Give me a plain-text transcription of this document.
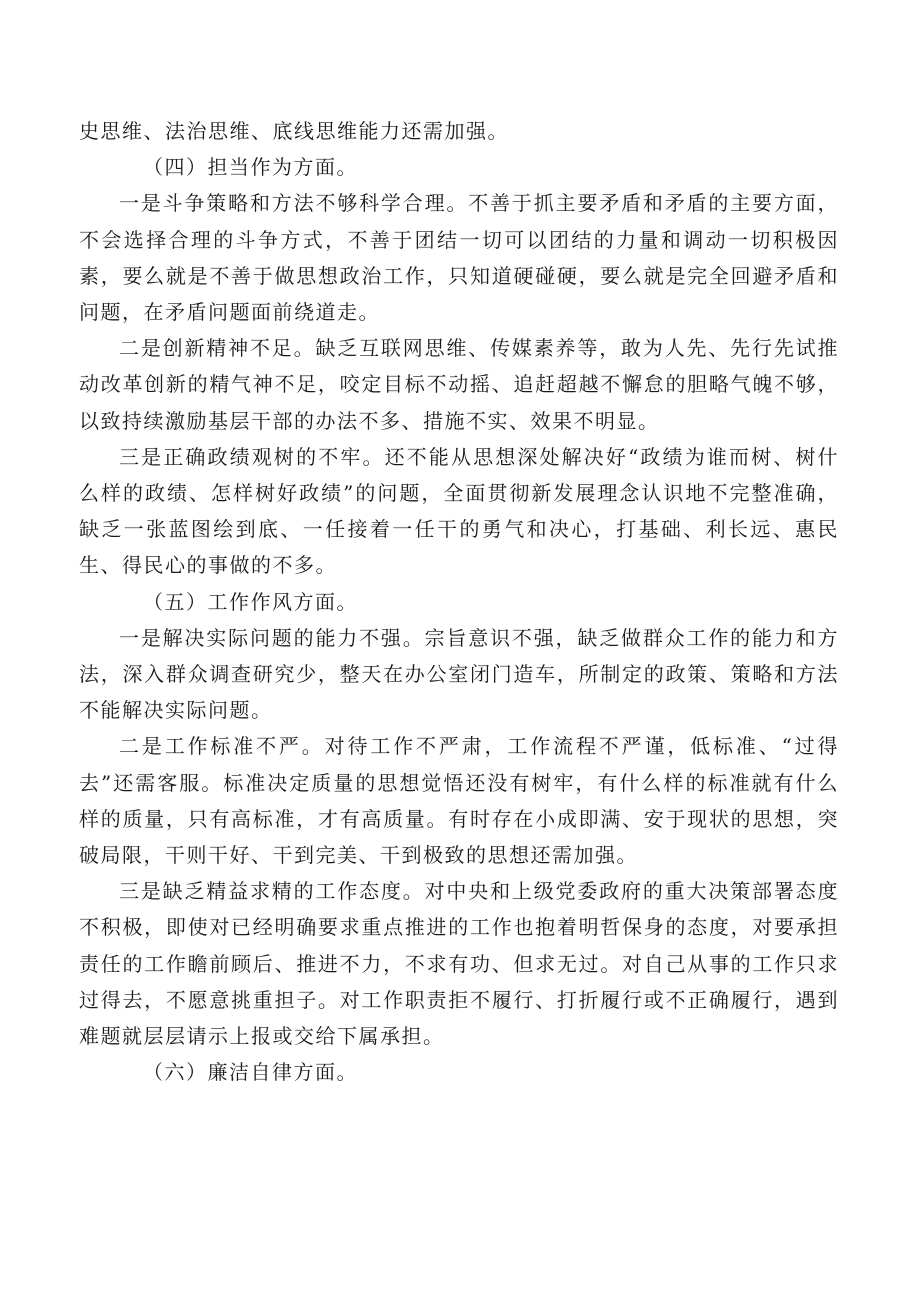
史思维、法治思维、底线思维能力还需加强。

（四）担当作为方面。

一是斗争策略和方法不够科学合理。不善于抓主要矛盾和矛盾的主要方面，不会选择合理的斗争方式，不善于团结一切可以团结的力量和调动一切积极因素，要么就是不善于做思想政治工作，只知道硬碰硬，要么就是完全回避矛盾和问题，在矛盾问题面前绕道走。

二是创新精神不足。缺乏互联网思维、传媒素养等，敢为人先、先行先试推动改革创新的精气神不足，咬定目标不动摇、追赶超越不懈怠的胆略气魄不够，以致持续激励基层干部的办法不多、措施不实、效果不明显。

三是正确政绩观树的不牢。还不能从思想深处解决好“政绩为谁而树、树什么样的政绩、怎样树好政绩”的问题，全面贯彻新发展理念认识地不完整准确，缺乏一张蓝图绘到底、一任接着一任干的勇气和决心，打基础、利长远、惠民生、得民心的事做的不多。

（五）工作作风方面。

一是解决实际问题的能力不强。宗旨意识不强，缺乏做群众工作的能力和方法，深入群众调查研究少，整天在办公室闭门造车，所制定的政策、策略和方法不能解决实际问题。

二是工作标准不严。对待工作不严肃，工作流程不严谨，低标准、“过得去”还需客服。标准决定质量的思想觉悟还没有树牢，有什么样的标准就有什么样的质量，只有高标准，才有高质量。有时存在小成即满、安于现状的思想，突破局限，干则干好、干到完美、干到极致的思想还需加强。

三是缺乏精益求精的工作态度。对中央和上级党委政府的重大决策部署态度不积极，即使对已经明确要求重点推进的工作也抱着明哲保身的态度，对要承担责任的工作瞻前顾后、推进不力，不求有功、但求无过。对自己从事的工作只求过得去，不愿意挑重担子。对工作职责拒不履行、打折履行或不正确履行，遇到难题就层层请示上报或交给下属承担。

（六）廉洁自律方面。
